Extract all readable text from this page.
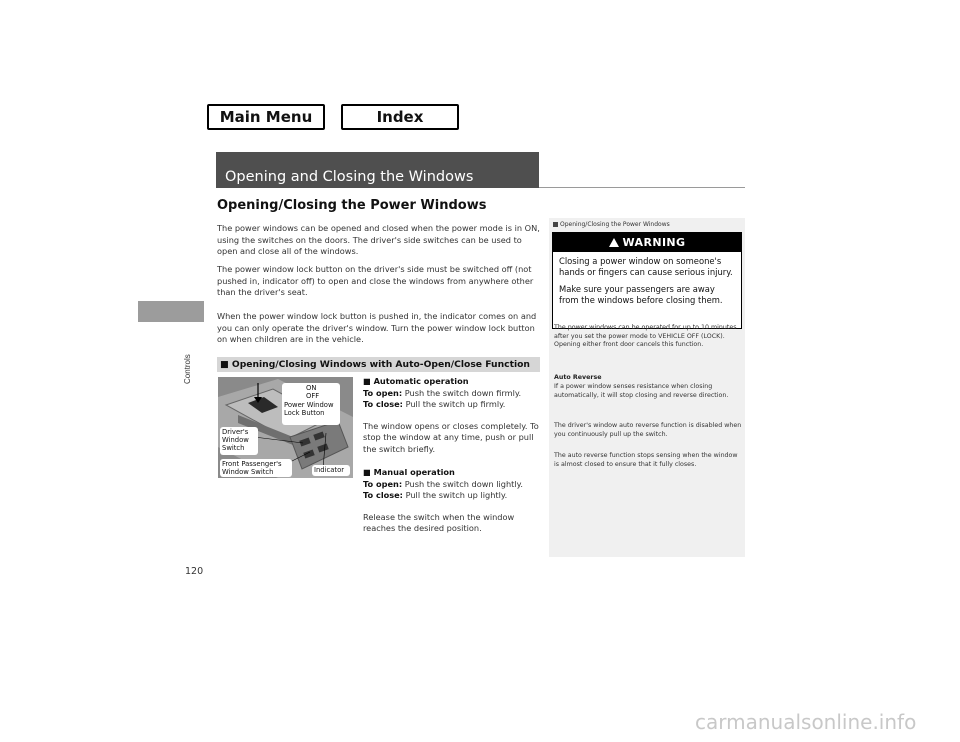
Main Menu	Index
Controls
Opening and Closing the Windows
Opening/Closing the Power Windows
The power windows can be opened and closed when the power mode is in ON, using the switches on the doors. The driver's side switches can be used to open and close all of the windows.
The power window lock button on the driver's side must be switched off (not pushed in, indicator off) to open and close the windows from anywhere other than the driver's seat.
When the power window lock button is pushed in, the indicator comes on and you can only operate the driver's window. Turn the power window lock button on when children are in the vehicle.
■ Opening/Closing Windows with Auto-Open/Close Function
ON
OFF
Power Window Lock Button
Driver's Window Switch
Front Passenger's Window Switch	Indicator
■ Automatic operation
To open: Push the switch down firmly.
To close: Pull the switch up firmly.
The window opens or closes completely. To stop the window at any time, push or pull the switch briefly.
■ Manual operation
To open: Push the switch down lightly.
To close: Pull the switch up lightly.
Release the switch when the window reaches the desired position.
Opening/Closing the Power Windows
WARNING

Closing a power window on someone's hands or fingers can cause serious injury.

Make sure your passengers are away from the windows before closing them.

The power windows can be operated for up to 10 minutes after you set the power mode to VEHICLE OFF (LOCK). Opening either front door cancels this function.
Auto Reverse
If a power window senses resistance when closing automatically, it will stop closing and reverse direction.
The driver's window auto reverse function is disabled when you continuously pull up the switch.
The auto reverse function stops sensing when the window is almost closed to ensure that it fully closes.
120
carmanualsonline.info
